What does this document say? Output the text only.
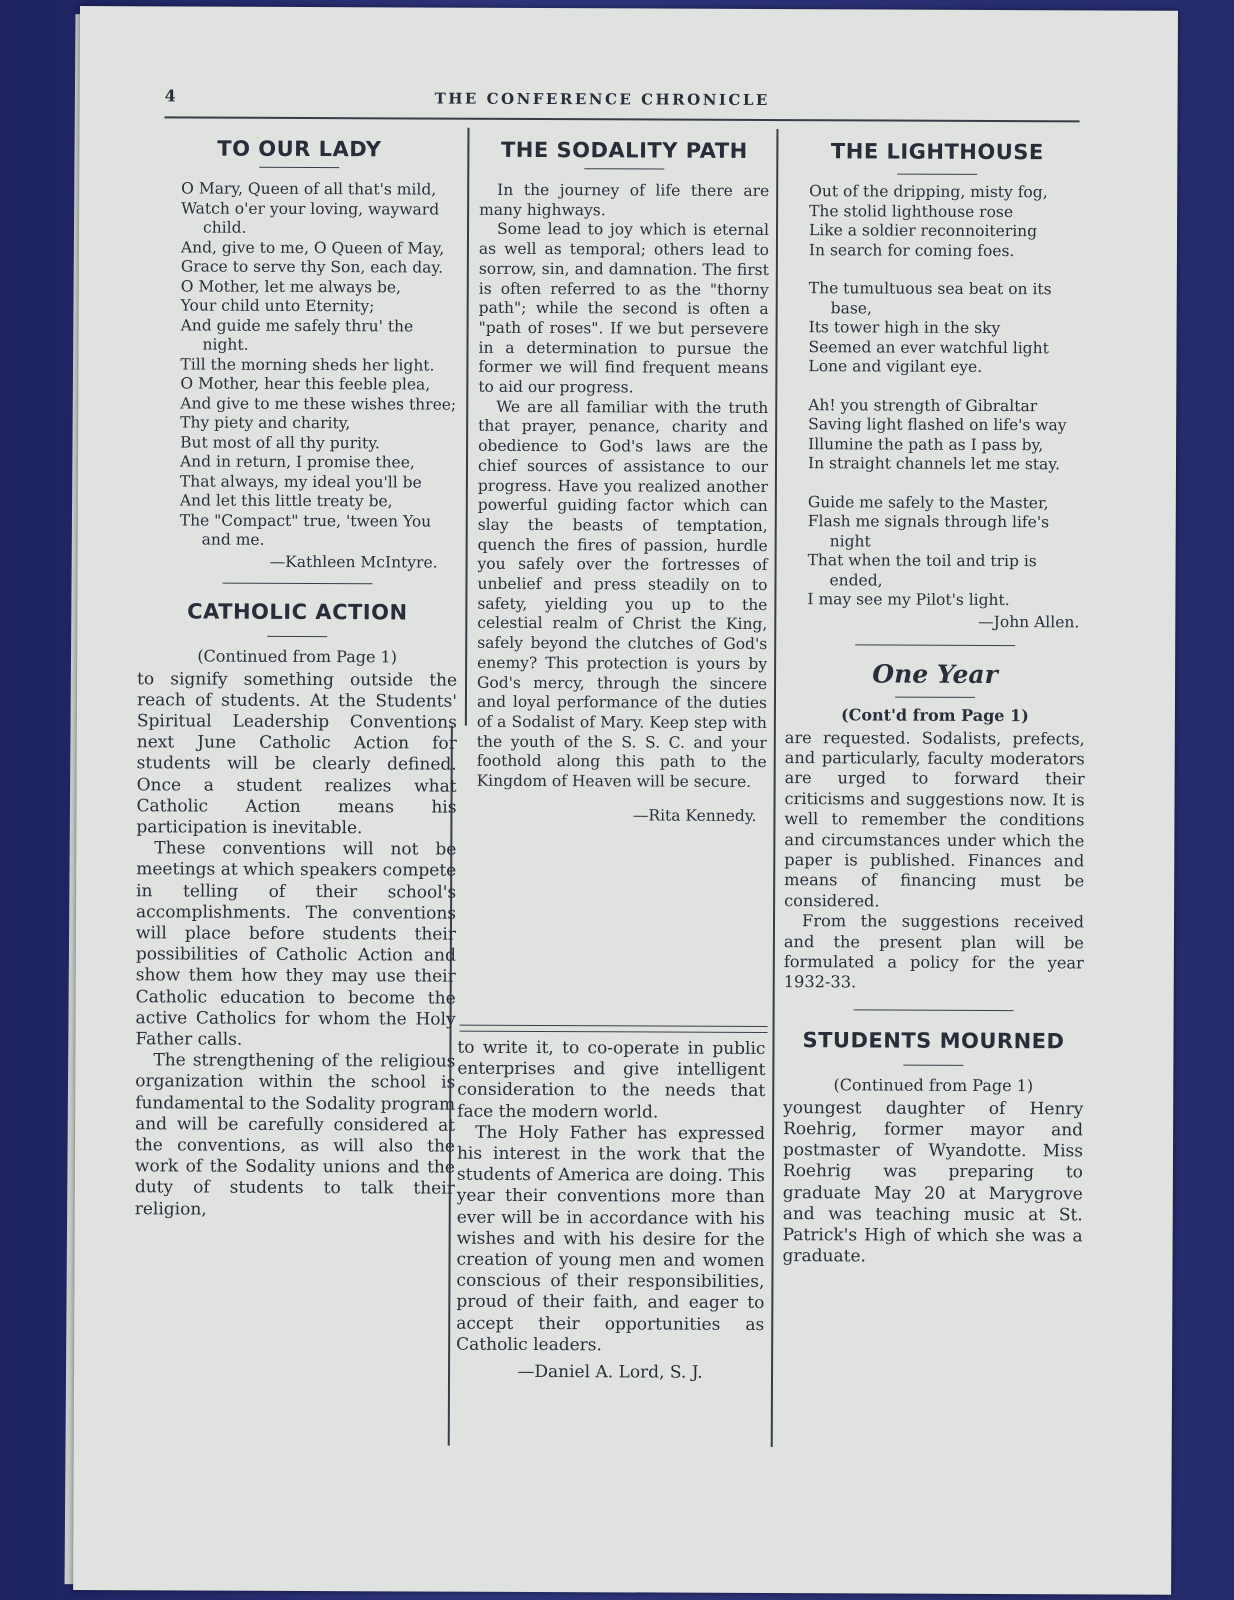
4	THE CONFERENCE CHRONICLE
TO OUR LADY
O Mary, Queen of all that's mild,
Watch o'er your loving, wayward child.
And, give to me, O Queen of May,
Grace to serve thy Son, each day.
O Mother, let me always be,
Your child unto Eternity;
And guide me safely thru' the night.
Till the morning sheds her light.
O Mother, hear this feeble plea,
And give to me these wishes three;
Thy piety and charity,
But most of all thy purity.
And in return, I promise thee,
That always, my ideal you'll be
And let this little treaty be,
The "Compact" true, 'tween You and me.
—Kathleen McIntyre.
CATHOLIC ACTION
(Continued from Page 1)

to signify something outside the reach of students. At the Students' Spiritual Leadership Conventions next June Catholic Action for students will be clearly defined. Once a student realizes what Catholic Action means his participation is inevitable.

These conventions will not be meetings at which speakers compete in telling of their school's accomplishments. The conventions will place before students their possibilities of Catholic Action and show them how they may use their Catholic education to become the active Catholics for whom the Holy Father calls.

The strengthening of the religious organization within the school is fundamental to the Sodality program and will be carefully considered at the conventions, as will also the work of the Sodality unions and the duty of students to talk their religion,

THE SODALITY PATH

In the journey of life there are many highways.

Some lead to joy which is eternal as well as temporal; others lead to sorrow, sin, and damnation. The first is often referred to as the "thorny path"; while the second is often a "path of roses". If we but persevere in a determination to pursue the former we will find frequent means to aid our progress.

We are all familiar with the truth that prayer, penance, charity and obedience to God's laws are the chief sources of assistance to our progress. Have you realized another powerful guiding factor which can slay the beasts of temptation, quench the fires of passion, hurdle you safely over the fortresses of unbelief and press steadily on to safety, yielding you up to the celestial realm of Christ the King, safely beyond the clutches of God's enemy? This protection is yours by God's mercy, through the sincere and loyal performance of the duties of a Sodalist of Mary. Keep step with the youth of the S. S. C. and your foothold along this path to the Kingdom of Heaven will be secure.

—Rita Kennedy.

to write it, to co-operate in public enterprises and give intelligent consideration to the needs that face the modern world.

The Holy Father has expressed his interest in the work that the students of America are doing. This year their conventions more than ever will be in accordance with his wishes and with his desire for the creation of young men and women conscious of their responsibilities, proud of their faith, and eager to accept their opportunities as Catholic leaders.

—Daniel A. Lord, S. J.
THE LIGHTHOUSE
Out of the dripping, misty fog,
The stolid lighthouse rose
Like a soldier reconnoitering
In search for coming foes.
The tumultuous sea beat on its base,
Its tower high in the sky
Seemed an ever watchful light
Lone and vigilant eye.
Ah! you strength of Gibraltar
Saving light flashed on life's way
Illumine the path as I pass by,
In straight channels let me stay.
Guide me safely to the Master,
Flash me signals through life's night
That when the toil and trip is ended,
I may see my Pilot's light.
—John Allen.
One Year
(Cont'd from Page 1)

are requested. Sodalists, prefects, and particularly, faculty moderators are urged to forward their criticisms and suggestions now. It is well to remember the conditions and circumstances under which the paper is published. Finances and means of financing must be considered.

From the suggestions received and the present plan will be formulated a policy for the year 1932-33.

STUDENTS MOURNED
(Continued from Page 1)

youngest daughter of Henry Roehrig, former mayor and postmaster of Wyandotte. Miss Roehrig was preparing to graduate May 20 at Marygrove and was teaching music at St. Patrick's High of which she was a graduate.
